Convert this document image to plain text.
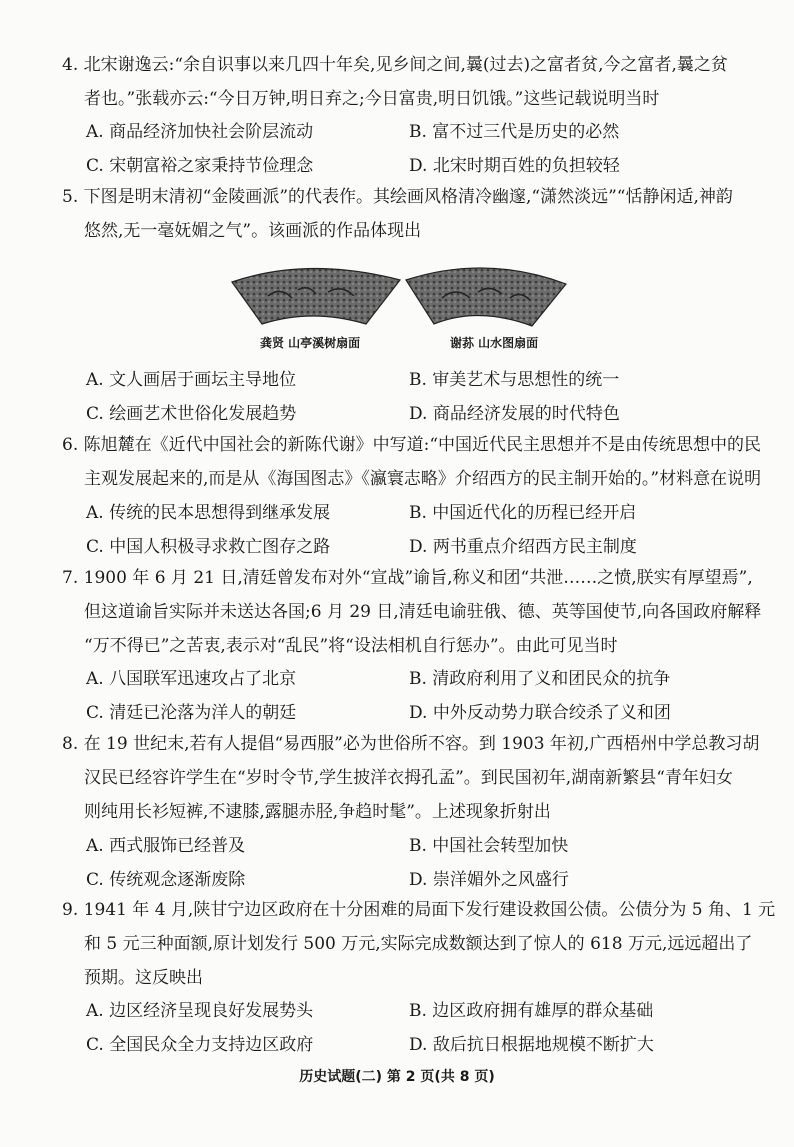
4. 北宋谢逸云:“余自识事以来几四十年矣,见乡间之间,曩(过去)之富者贫,今之富者,曩之贫
者也。”张载亦云:“今日万钟,明日弃之;今日富贵,明日饥饿。”这些记载说明当时
A. 商品经济加快社会阶层流动	B. 富不过三代是历史的必然
C. 宋朝富裕之家秉持节俭理念	D. 北宋时期百姓的负担较轻
5. 下图是明末清初“金陵画派”的代表作。其绘画风格清冷幽邃,“潇然淡远”“恬静闲适,神韵
悠然,无一毫妩媚之气”。该画派的作品体现出
龚贤 山亭溪树扇面	谢荪 山水图扇面
A. 文人画居于画坛主导地位	B. 审美艺术与思想性的统一
C. 绘画艺术世俗化发展趋势	D. 商品经济发展的时代特色
6. 陈旭麓在《近代中国社会的新陈代谢》中写道:“中国近代民主思想并不是由传统思想中的民
主观发展起来的,而是从《海国图志》《瀛寰志略》介绍西方的民主制开始的。”材料意在说明
A. 传统的民本思想得到继承发展	B. 中国近代化的历程已经开启
C. 中国人积极寻求救亡图存之路	D. 两书重点介绍西方民主制度
7. 1900 年 6 月 21 日,清廷曾发布对外“宣战”谕旨,称义和团“共泄……之愤,朕实有厚望焉”,
但这道谕旨实际并未送达各国;6 月 29 日,清廷电谕驻俄、德、英等国使节,向各国政府解释
“万不得已”之苦衷,表示对“乱民”将“设法相机自行惩办”。由此可见当时
A. 八国联军迅速攻占了北京	B. 清政府利用了义和团民众的抗争
C. 清廷已沦落为洋人的朝廷	D. 中外反动势力联合绞杀了义和团
8. 在 19 世纪末,若有人提倡“易西服”必为世俗所不容。到 1903 年初,广西梧州中学总教习胡
汉民已经容许学生在“岁时令节,学生披洋衣拇孔孟”。到民国初年,湖南新繁县“青年妇女
则纯用长衫短裤,不逮膝,露腿赤胫,争趋时髦”。上述现象折射出
A. 西式服饰已经普及	B. 中国社会转型加快
C. 传统观念逐渐废除	D. 崇洋媚外之风盛行
9. 1941 年 4 月,陕甘宁边区政府在十分困难的局面下发行建设救国公债。公债分为 5 角、1 元
和 5 元三种面额,原计划发行 500 万元,实际完成数额达到了惊人的 618 万元,远远超出了
预期。这反映出
A. 边区经济呈现良好发展势头	B. 边区政府拥有雄厚的群众基础
C. 全国民众全力支持边区政府	D. 敌后抗日根据地规模不断扩大
历史试题(二) 第 2 页(共 8 页)
